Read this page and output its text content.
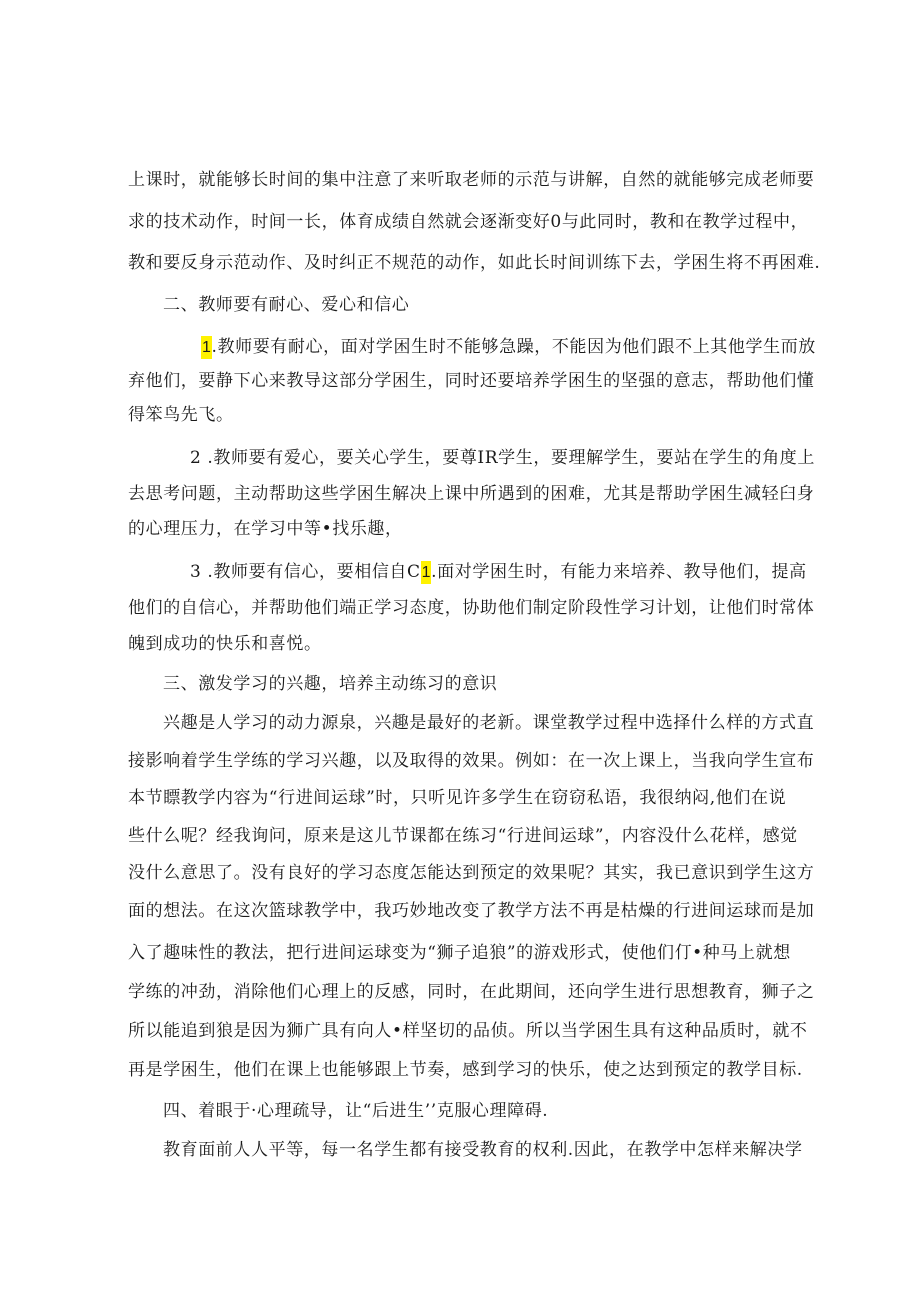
上课时，就能够长时间的集中注意了来听取老师的示范与讲解，自然的就能够完成老师要
求的技术动作，时间一长，体育成绩自然就会逐渐变好0与此同时，教和在教学过程中，
教和要反身示范动作、及时纠正不规范的动作，如此长时间训练下去，学困生将不再困难.
二、教师要有耐心、爱心和信心
1.教师要有耐心，面对学困生时不能够急躁，不能因为他们跟不上其他学生而放
弃他们，要静下心来教导这部分学困生，同时还要培养学困生的坚强的意志，帮助他们懂
得笨鸟先飞。
2 .教师要有爱心，要关心学生，要尊IR学生，要理解学生，要站在学生的角度上
去思考问题，主动帮助这些学困生解决上课中所遇到的困难，尤其是帮助学困生减轻臼身
的心理压力，在学习中等•找乐趣，
3 .教师要有信心，要相信自C1.面对学困生时，有能力来培养、教导他们，提高
他们的自信心，并帮助他们端正学习态度，协助他们制定阶段性学习计划，让他们时常体
魄到成功的快乐和喜悦。
三、激发学习的兴趣，培养主动练习的意识
兴趣是人学习的动力源泉，兴趣是最好的老新。课堂教学过程中选择什么样的方式直
接影响着学生学练的学习兴趣，以及取得的效果。例如：在一次上课上，当我向学生宣布
本节瞟教学内容为“行进间运球”时，只听见许多学生在窃窃私语，我很纳闷,他们在说
些什么呢？经我询问，原来是这儿节课都在练习“行进间运球”，内容没什么花样，感觉
没什么意思了。没有良好的学习态度怎能达到预定的效果呢？其实，我已意识到学生这方
面的想法。在这次篮球教学中，我巧妙地改变了教学方法不再是枯燥的行进间运球而是加
入了趣味性的教法，把行进间运球变为“狮子追狼”的游戏形式，使他们仃•种马上就想
学练的冲劲，消除他们心理上的反感，同时，在此期间，还向学生进行思想教育，狮子之
所以能追到狼是因为狮广具有向人•样坚切的品侦。所以当学困生具有这种品质时，就不
再是学困生，他们在课上也能够跟上节奏，感到学习的快乐，使之达到预定的教学目标.
四、着眼于·心理疏导，让“后进生’’克服心理障碍.
教育面前人人平等，每一名学生都有接受教育的权利.因此，在教学中怎样来解决学
